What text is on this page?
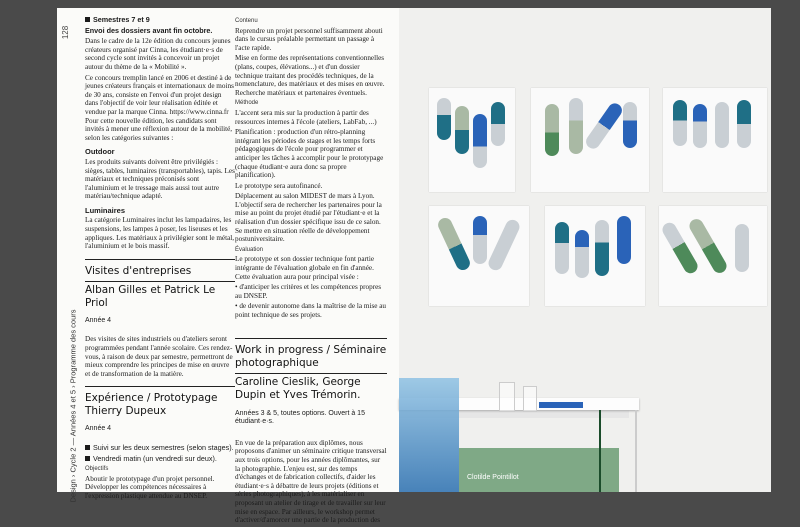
128
Design › Cycle 2 — Années 4 et 5 › Programme des cours

Semestres 7 et 9

Envoi des dossiers avant fin octobre.

Dans le cadre de la 12e édition du concours jeunes créateurs organisé par Cinna, les étudiant·e·s de second cycle sont invités à concevoir un projet autour du thème de la « Mobilité ».

Ce concours tremplin lancé en 2006 et destiné à de jeunes créateurs français et internationaux de moins de 30 ans, consiste en l'envoi d'un projet design dans l'objectif de voir leur réalisation éditée et vendue par la marque Cinna. https://www.cinna.fr Pour cette nouvelle édition, les candidats sont invités à mener une réflexion autour de la mobilité, selon les catégories suivantes :

Outdoor

Les produits suivants doivent être privilégiés : sièges, tables, luminaires (transportables), tapis. Les matériaux et techniques préconisés sont l'aluminium et le tressage mais aussi tout autre matériau/technique adapté.

Luminaires

La catégorie Luminaires inclut les lampadaires, les suspensions, les lampes à poser, les liseuses et les appliques. Les matériaux à privilégier sont le métal, l'aluminium et le bois massif.

Visites d'entreprises
Alban Gilles et Patrick Le Priol
Année 4

Des visites de sites industriels ou d'ateliers seront programmées pendant l'année scolaire. Ces rendez-vous, à raison de deux par semestre, permettront de mieux comprendre les principes de mise en œuvre et de transformation de la matière.

Expérience / Prototypage
Thierry Dupeux
Année 4

Suivi sur les deux semestres (selon stages).

Vendredi matin (un vendredi sur deux).

Objectifs

Aboutir le prototypage d'un projet personnel. Développer les compétences nécessaires à l'expression plastique attendue au DNSEP.

Contenu

Reprendre un projet personnel suffisamment abouti dans le cursus préalable permettant un passage à l'acte rapide.

Mise en forme des représentations conventionnelles (plans, coupes, élévations...) et d'un dossier technique traitant des procédés techniques, de la nomenclature, des matériaux et des mises en œuvre. Recherche matériaux et partenaires éventuels.

Méthode

L'accent sera mis sur la production à partir des ressources internes à l'école (ateliers, LabFab, ...)

Planification : production d'un rétro-planning intégrant les périodes de stages et les temps forts pédagogiques de l'école pour programmer et anticiper les tâches à accomplir pour le prototypage (chaque étudiant·e aura donc sa propre planification).

Le prototype sera autofinancé.

Déplacement au salon MIDEST de mars à Lyon. L'objectif sera de rechercher les partenaires pour la mise au point du projet étudié par l'étudiant·e et la réalisation d'un dossier spécifique issu de ce salon. Se mettre en situation réelle de développement postuniversitaire.

Évaluation

Le prototype et son dossier technique font partie intégrante de l'évaluation globale en fin d'année. Cette évaluation aura pour principal visée :

• d'anticiper les critères et les compétences propres au DNSEP.

• de devenir autonome dans la maîtrise de la mise au point technique de ses projets.

Work in progress / Séminaire photographique
Caroline Cieslik, George Dupin et Yves Trémorin.
Années 3 & 5, toutes options. Ouvert à 15 étudiant·e·s.

En vue de la préparation aux diplômes, nous proposons d'animer un séminaire critique transversal aux trois options, pour les années diplômantes, sur la photographie. L'enjeu est, sur des temps d'échanges et de fabrication collectifs, d'aider les étudiant·e·s à débattre de leurs projets (éditions et séries photographiques), à les matérialiser en proposant un atelier de tirage et de travailler sur leur mise en espace. Par ailleurs, le workshop permet d'activer/d'amorcer une partie de la production des

Clotilde Pointillot
